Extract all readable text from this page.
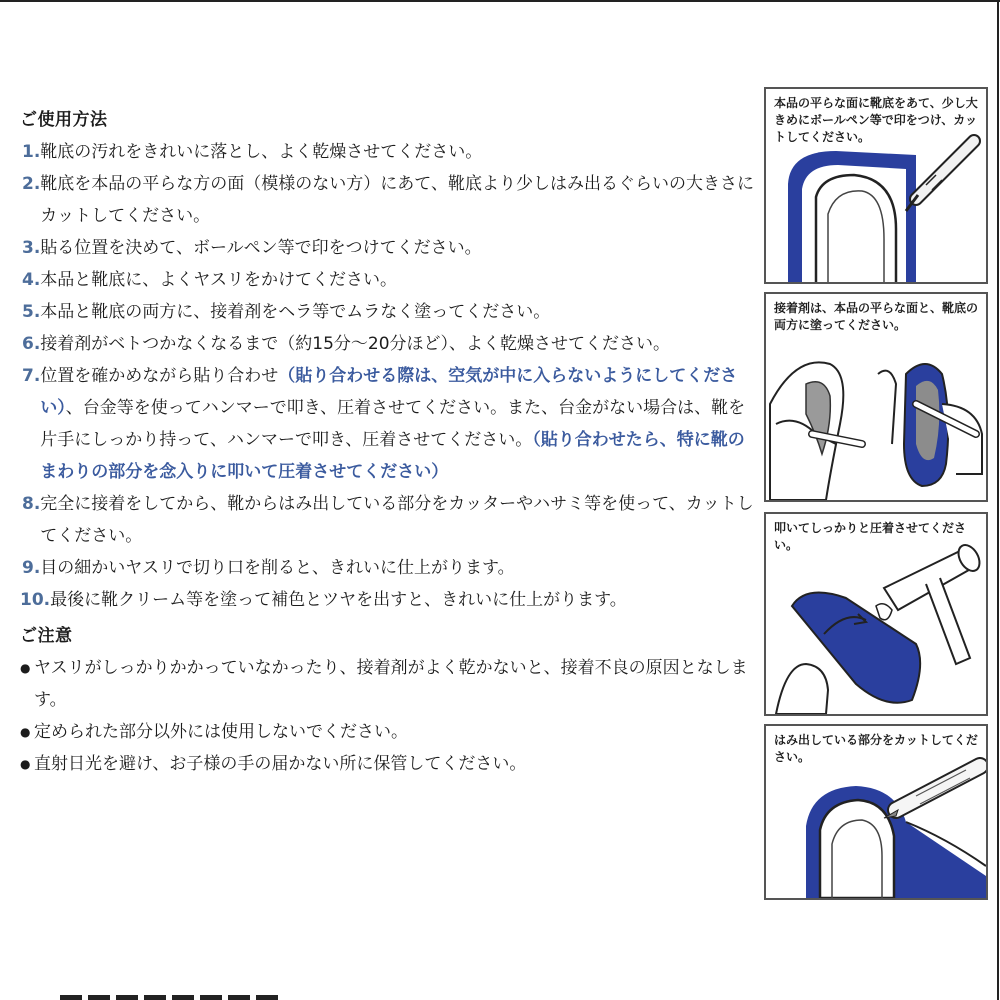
ご使用方法
1. 靴底の汚れをきれいに落とし、よく乾燥させてください。
2. 靴底を本品の平らな方の面（模様のない方）にあて、靴底より少しはみ出るぐらいの大きさにカットしてください。
3. 貼る位置を決めて、ボールペン等で印をつけてください。
4. 本品と靴底に、よくヤスリをかけてください。
5. 本品と靴底の両方に、接着剤をヘラ等でムラなく塗ってください。
6. 接着剤がベトつかなくなるまで（約15分〜20分ほど）、よく乾燥させてください。
7. 位置を確かめながら貼り合わせ（貼り合わせる際は、空気が中に入らないようにしてください）、台金等を使ってハンマーで叩き、圧着させてください。また、台金がない場合は、靴を片手にしっかり持って、ハンマーで叩き、圧着させてください。（貼り合わせたら、特に靴のまわりの部分を念入りに叩いて圧着させてください）
8. 完全に接着をしてから、靴からはみ出している部分をカッターやハサミ等を使って、カットしてください。
9. 目の細かいヤスリで切り口を削ると、きれいに仕上がります。
10. 最後に靴クリーム等を塗って補色とツヤを出すと、きれいに仕上がります。
ご注意
● ヤスリがしっかりかかっていなかったり、接着剤がよく乾かないと、接着不良の原因となします。
● 定められた部分以外には使用しないでください。
● 直射日光を避け、お子様の手の届かない所に保管してください。
本品の平らな面に靴底をあて、少し大きめにボールペン等で印をつけ、カットしてください。
接着剤は、本品の平らな面と、靴底の両方に塗ってください。
叩いてしっかりと圧着させてください。
はみ出している部分をカットしてください。
